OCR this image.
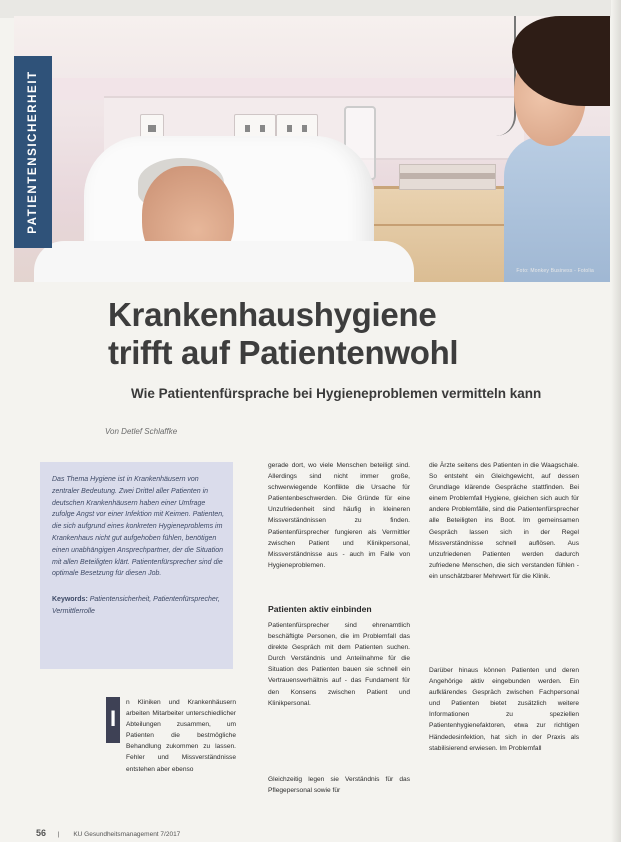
Foto: Monkey Business - Fotolia
PATIENTENSICHERHEIT
Krankenhaushygiene
trifft auf Patientenwohl
Wie Patientenfürsprache bei Hygieneproblemen vermitteln kann
Von Detlef Schlaffke

Das Thema Hygiene ist in Krankenhäusern von zentraler Bedeutung. Zwei Drittel aller Patienten in deutschen Krankenhäusern haben einer Umfrage zufolge Angst vor einer Infektion mit Keimen. Patienten, die sich aufgrund eines konkreten Hygieneproblems im Krankenhaus nicht gut aufgehoben fühlen, benötigen einen unabhängigen Ansprechpartner, der die Situation mit allen Beteiligten klärt. Patientenfürsprecher sind die optimale Besetzung für diesen Job.

Keywords: Patientensicherheit, Patientenfürsprecher, Vermittlerrolle

I

n Kliniken und Krankenhäusern arbeiten Mitarbeiter unterschiedlicher Abteilungen zusammen, um Patienten die bestmögliche Behandlung zukommen zu lassen. Fehler und Missverständnisse entstehen aber ebenso

gerade dort, wo viele Menschen beteiligt sind. Allerdings sind nicht immer große, schwerwiegende Konflikte die Ursache für Patientenbeschwerden. Die Gründe für eine Unzufriedenheit sind häufig in kleineren Missverständnissen zu finden. Patientenfürsprecher fungieren als Vermittler zwischen Patient und Klinikpersonal, Missverständnisse aus - auch im Falle von Hygieneproblemen.

Patienten aktiv einbinden

Patientenfürsprecher sind ehrenamtlich beschäftigte Personen, die im Problemfall das direkte Gespräch mit dem Patienten suchen. Durch Verständnis und Anteilnahme für die Situation des Patienten bauen sie schnell ein Vertrauensverhältnis auf - das Fundament für den Konsens zwischen Patient und Klinikpersonal.

Gleichzeitig legen sie Verständnis für das Pflegepersonal sowie für

die Ärzte seitens des Patienten in die Waagschale. So entsteht ein Gleichgewicht, auf dessen Grundlage klärende Gespräche stattfinden. Bei einem Problemfall Hygiene, gleichen sich auch für andere Problemfälle, sind die Patientenfürsprecher alle Beteiligten ins Boot. Im gemeinsamen Gespräch lassen sich in der Regel Missverständnisse schnell auflösen. Aus unzufriedenen Patienten werden dadurch zufriedene Menschen, die sich verstanden fühlen - ein unschätzbarer Mehrwert für die Klinik.

Darüber hinaus können Patienten und deren Angehörige aktiv eingebunden werden. Ein aufklärendes Gespräch zwischen Fachpersonal und Patienten bietet zusätzlich weitere Informationen zu speziellen Patientenhygienefaktoren, etwa zur richtigen Händedesinfektion, hat sich in der Praxis als stabilisierend erwiesen. Im Problemfall

56 | KU Gesundheitsmanagement 7/2017
